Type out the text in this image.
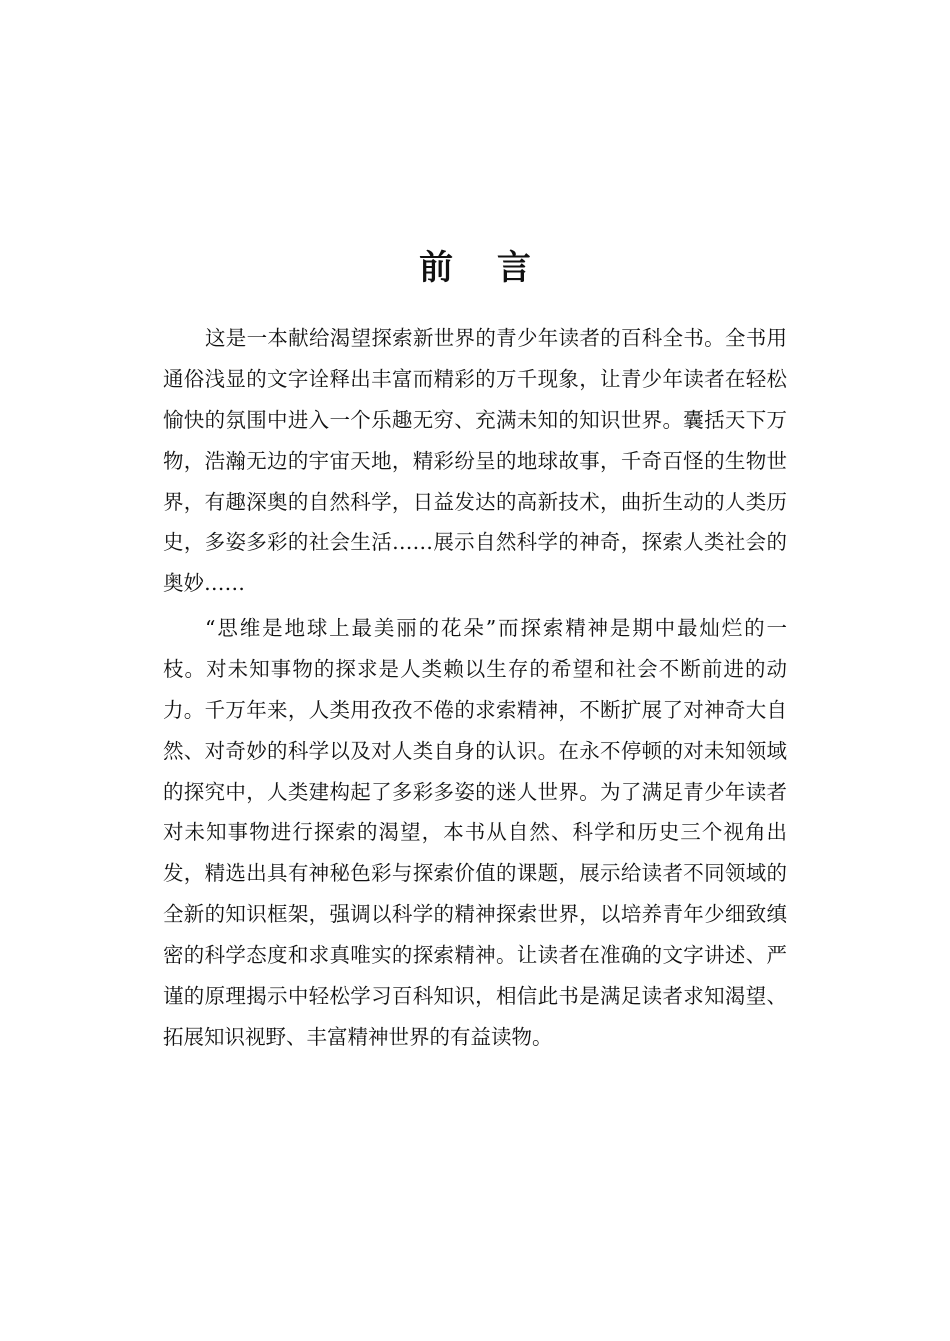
前 言
这是一本献给渴望探索新世界的青少年读者的百科全书。全书用
通俗浅显的文字诠释出丰富而精彩的万千现象，让青少年读者在轻松
愉快的氛围中进入一个乐趣无穷、充满未知的知识世界。囊括天下万
物，浩瀚无边的宇宙天地，精彩纷呈的地球故事，千奇百怪的生物世
界，有趣深奥的自然科学，日益发达的高新技术，曲折生动的人类历
史，多姿多彩的社会生活……展示自然科学的神奇，探索人类社会的
奥妙……
“思维是地球上最美丽的花朵”而探索精神是期中最灿烂的一
枝。对未知事物的探求是人类赖以生存的希望和社会不断前进的动
力。千万年来，人类用孜孜不倦的求索精神，不断扩展了对神奇大自
然、对奇妙的科学以及对人类自身的认识。在永不停顿的对未知领域
的探究中，人类建构起了多彩多姿的迷人世界。为了满足青少年读者
对未知事物进行探索的渴望，本书从自然、科学和历史三个视角出
发，精选出具有神秘色彩与探索价值的课题，展示给读者不同领域的
全新的知识框架，强调以科学的精神探索世界，以培养青年少细致缜
密的科学态度和求真唯实的探索精神。让读者在准确的文字讲述、严
谨的原理揭示中轻松学习百科知识，相信此书是满足读者求知渴望、
拓展知识视野、丰富精神世界的有益读物。
